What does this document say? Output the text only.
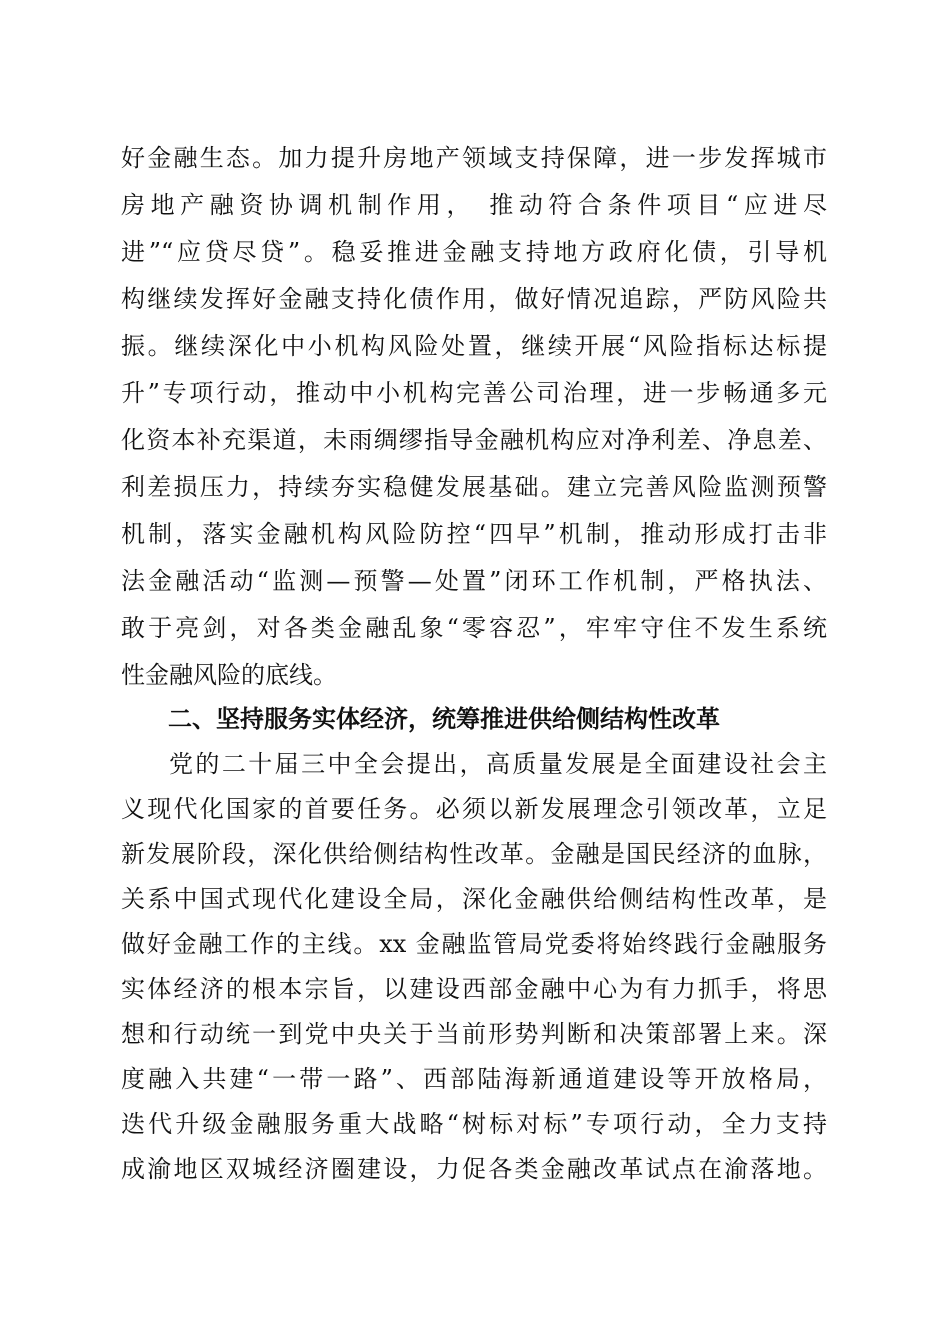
好金融生态。加力提升房地产领域支持保障，进一步发挥城市
房地产融资协调机制作用， 推动符合条件项目“应进尽
进”“应贷尽贷”。稳妥推进金融支持地方政府化债，引导机
构继续发挥好金融支持化债作用，做好情况追踪，严防风险共
振。继续深化中小机构风险处置，继续开展“风险指标达标提
升”专项行动，推动中小机构完善公司治理，进一步畅通多元
化资本补充渠道，未雨绸缪指导金融机构应对净利差、净息差、
利差损压力，持续夯实稳健发展基础。建立完善风险监测预警
机制，落实金融机构风险防控“四早”机制，推动形成打击非
法金融活动“监测—预警—处置”闭环工作机制，严格执法、
敢于亮剑，对各类金融乱象“零容忍”，牢牢守住不发生系统
性金融风险的底线。
二、坚持服务实体经济，统筹推进供给侧结构性改革
党的二十届三中全会提出，高质量发展是全面建设社会主
义现代化国家的首要任务。必须以新发展理念引领改革，立足
新发展阶段，深化供给侧结构性改革。金融是国民经济的血脉，
关系中国式现代化建设全局，深化金融供给侧结构性改革，是
做好金融工作的主线。xx 金融监管局党委将始终践行金融服务
实体经济的根本宗旨，以建设西部金融中心为有力抓手，将思
想和行动统一到党中央关于当前形势判断和决策部署上来。深
度融入共建“一带一路”、西部陆海新通道建设等开放格局，
迭代升级金融服务重大战略“树标对标”专项行动，全力支持
成渝地区双城经济圈建设，力促各类金融改革试点在渝落地。
